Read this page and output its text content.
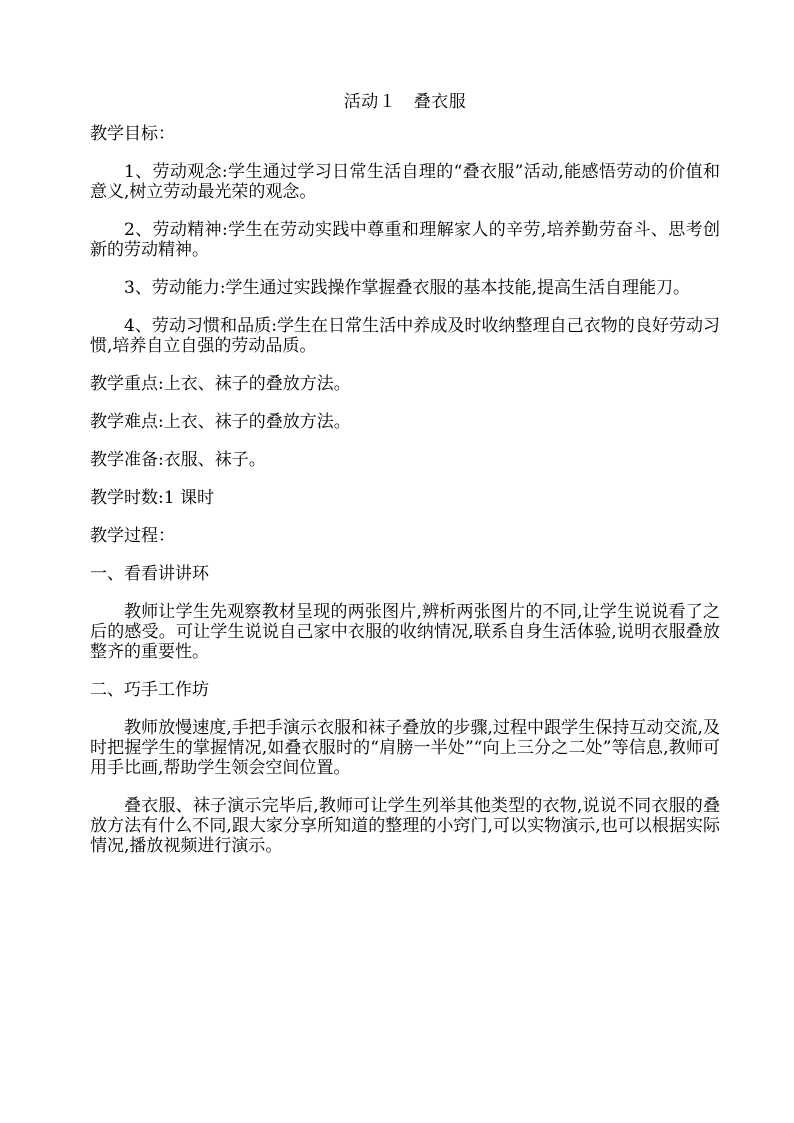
活动１　叠衣服
教学目标：
1、劳动观念:学生通过学习日常生活自理的“叠衣服”活动,能感悟劳动的价值和意义,树立劳动最光荣的观念。
2、劳动精神:学生在劳动实践中尊重和理解家人的辛劳,培养勤劳奋斗、思考创新的劳动精神。
3、劳动能力:学生通过实践操作掌握叠衣服的基本技能,提高生活自理能刀。
4、劳动习惯和品质:学生在日常生活中养成及时收纳整理自己衣物的良好劳动习惯,培养自立自强的劳动品质。
教学重点:上衣、袜子的叠放方法。
教学难点:上衣、袜子的叠放方法。
教学准备:衣服、袜子。
教学时数:1 课时
教学过程：
一、看看讲讲环
教师让学生先观察教材呈现的两张图片,辨析两张图片的不同,让学生说说看了之后的感受。可让学生说说自己家中衣服的收纳情况,联系自身生活体验,说明衣服叠放整齐的重要性。
二、巧手工作坊
教师放慢速度,手把手演示衣服和袜子叠放的步骤,过程中跟学生保持互动交流,及时把握学生的掌握情况,如叠衣服时的“肩膀一半处”“向上三分之二处”等信息,教师可用手比画,帮助学生领会空间位置。
叠衣服、袜子演示完毕后,教师可让学生列举其他类型的衣物,说说不同衣服的叠放方法有什么不同,跟大家分享所知道的整理的小窍门,可以实物演示,也可以根据实际情况,播放视频进行演示。
